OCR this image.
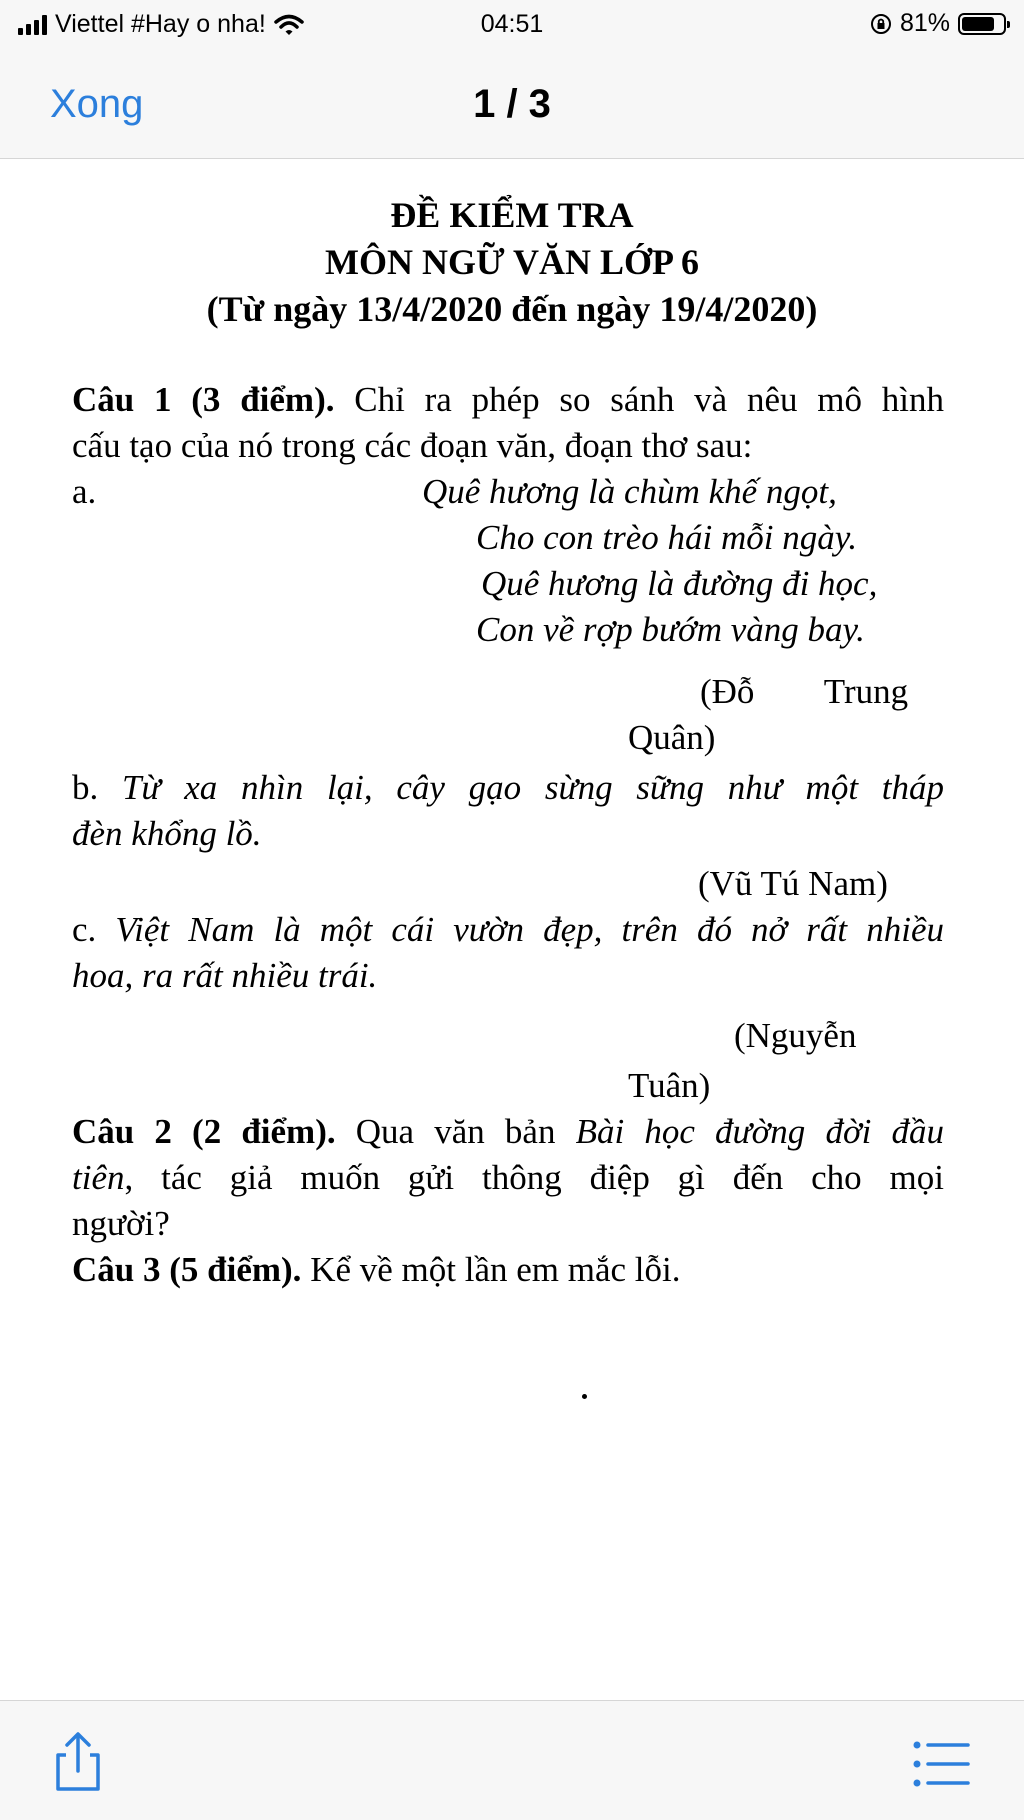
Viettel #Hay o nha!	04:51	81%
Xong	1 / 3
ĐỀ KIỂM TRA
MÔN NGỮ VĂN LỚP 6
(Từ ngày 13/4/2020 đến ngày 19/4/2020)
Câu 1 (3 điểm). Chỉ ra phép so sánh và nêu mô hình
cấu tạo của nó trong các đoạn văn, đoạn thơ sau:
a.	Quê hương là chùm khế ngọt,
Cho con trèo hái mỗi ngày.
Quê hương là đường đi học,
Con về rợp bướm vàng bay.
(Đỗ        Trung
Quân)
b. Từ xa nhìn lại, cây gạo sừng sững như một tháp
đèn khổng lồ.
(Vũ Tú Nam)
c. Việt Nam là một cái vườn đẹp, trên đó nở rất nhiều
hoa, ra rất nhiều trái.
(Nguyễn
Tuân)
Câu 2 (2 điểm). Qua văn bản Bài học đường đời đầu
tiên, tác giả muốn gửi thông điệp gì đến cho mọi
người?
Câu 3 (5 điểm). Kể về một lần em mắc lỗi.
